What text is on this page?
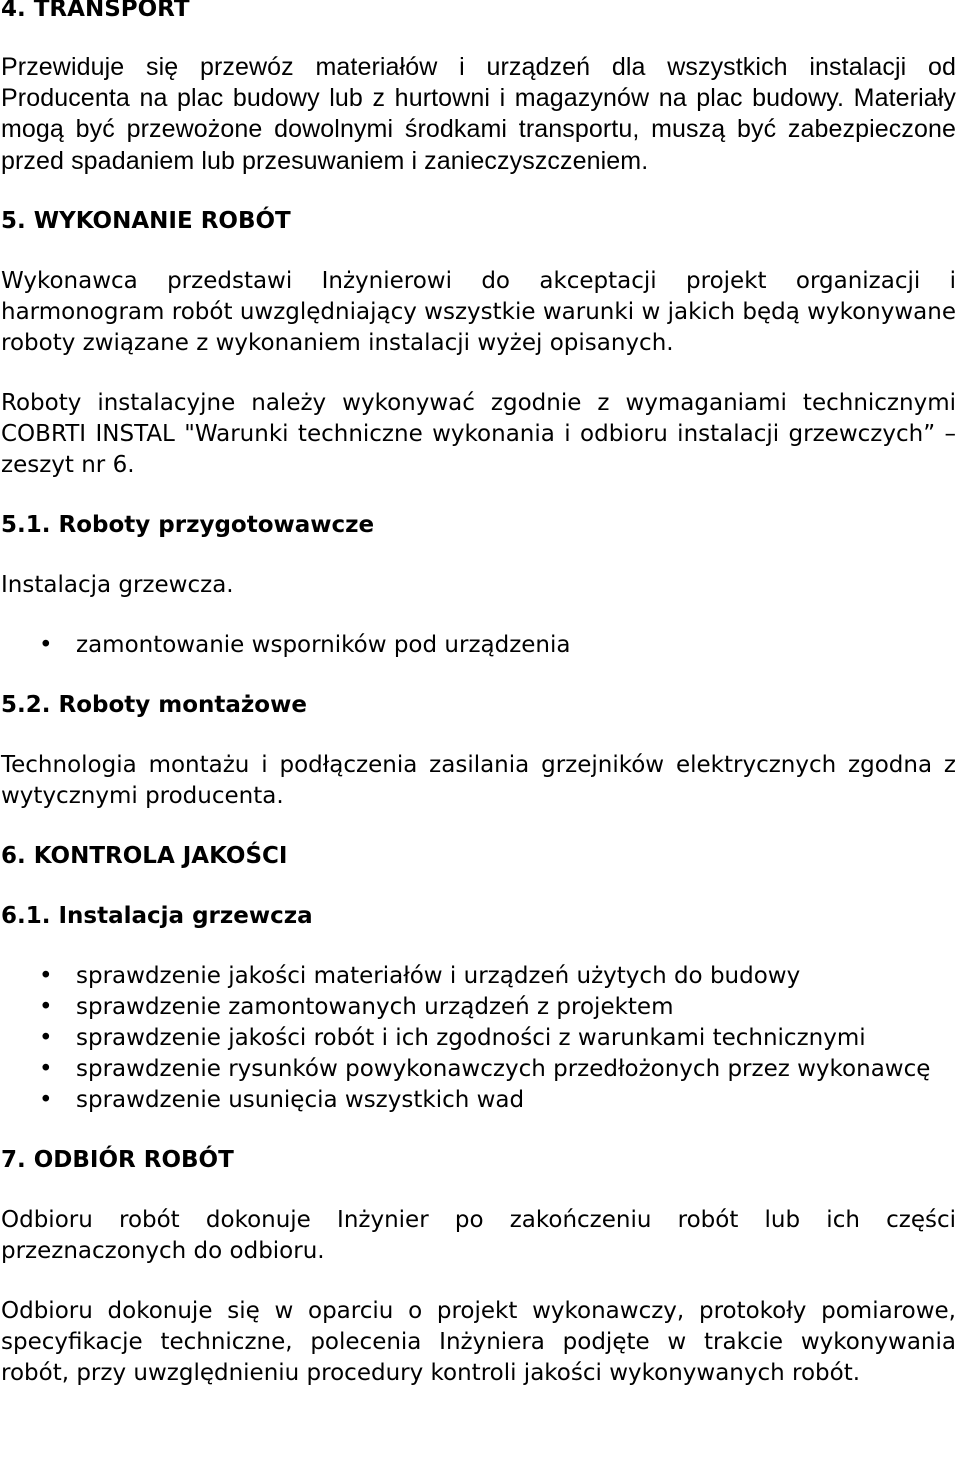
4. TRANSPORT

Przewiduje się przewóz materiałów i urządzeń dla wszystkich instalacji od Producenta na plac budowy lub z hurtowni i magazynów na plac budowy. Materiały mogą być przewożone dowolnymi środkami transportu, muszą być zabezpieczone przed spadaniem lub przesuwaniem i zanieczyszczeniem.

5. WYKONANIE ROBÓT

Wykonawca przedstawi Inżynierowi do akceptacji projekt organizacji i harmonogram robót uwzględniający wszystkie warunki w jakich będą wykonywane roboty związane z wykonaniem instalacji wyżej opisanych.

Roboty instalacyjne należy wykonywać zgodnie z wymaganiami technicznymi COBRTI INSTAL "Warunki techniczne wykonania i odbioru instalacji grzewczych” – zeszyt nr 6.

5.1. Roboty przygotowawcze

Instalacja grzewcza.

• zamontowanie wsporników pod urządzenia
5.2. Roboty montażowe

Technologia montażu i podłączenia zasilania grzejników elektrycznych zgodna z wytycznymi producenta.

6. KONTROLA JAKOŚCI
6.1. Instalacja grzewcza
• sprawdzenie jakości materiałów i urządzeń użytych do budowy
• sprawdzenie zamontowanych urządzeń z projektem
• sprawdzenie jakości robót i ich zgodności z warunkami technicznymi
• sprawdzenie rysunków powykonawczych przedłożonych przez wykonawcę
• sprawdzenie usunięcia wszystkich wad
7. ODBIÓR ROBÓT

Odbioru robót dokonuje Inżynier po zakończeniu robót lub ich części przeznaczonych do odbioru.

Odbioru dokonuje się w oparciu o projekt wykonawczy, protokoły pomiarowe, specyfikacje techniczne, polecenia Inżyniera podjęte w trakcie wykonywania robót, przy uwzględnieniu procedury kontroli jakości wykonywanych robót.
